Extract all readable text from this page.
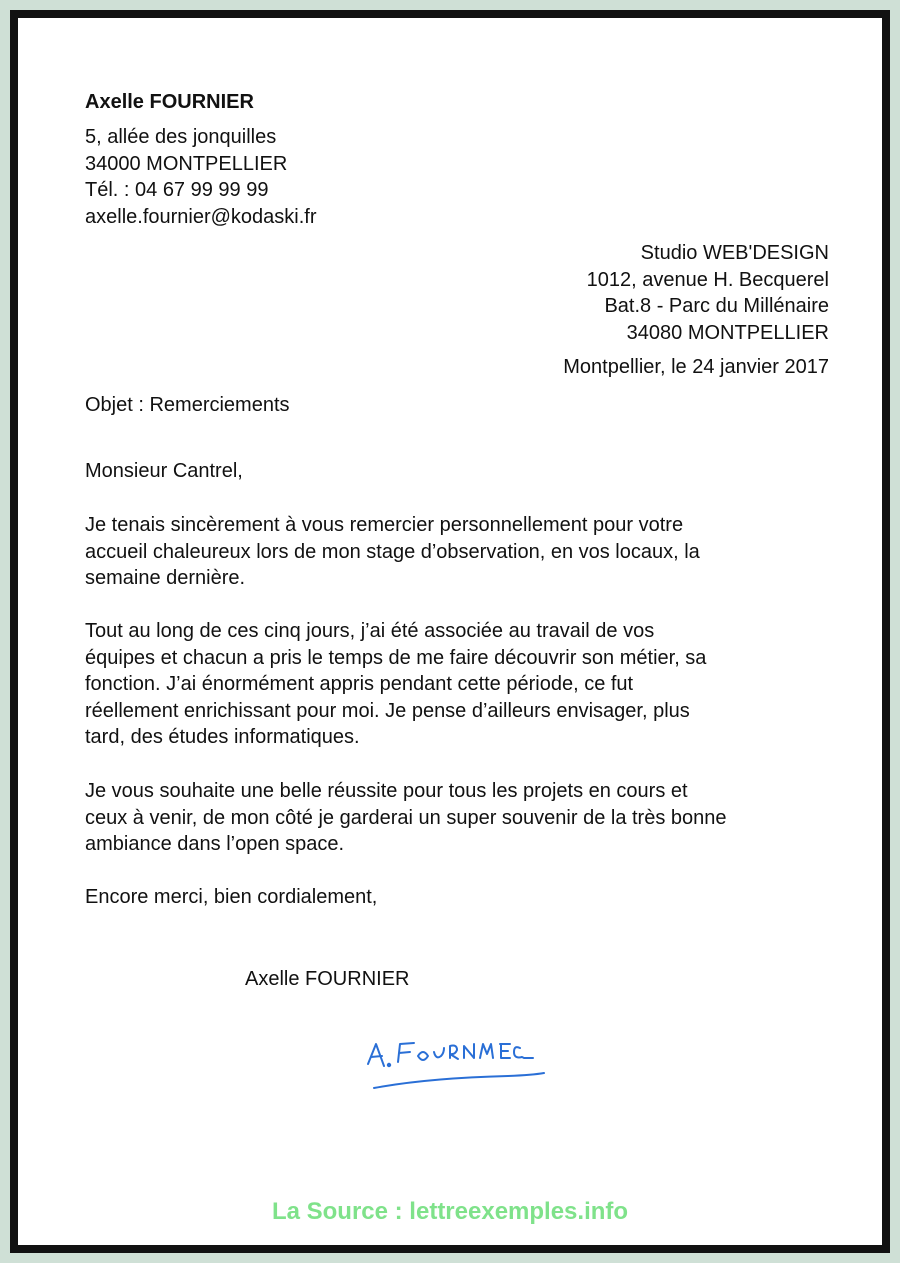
Axelle FOURNIER
5, allée des jonquilles
34000 MONTPELLIER
Tél. : 04 67 99 99 99
axelle.fournier@kodaski.fr
Studio WEB'DESIGN
1012, avenue H. Becquerel
Bat.8 - Parc du Millénaire
34080 MONTPELLIER
Montpellier, le 24 janvier 2017
Objet : Remerciements
Monsieur Cantrel,
Je tenais sincèrement à vous remercier personnellement pour votre
accueil chaleureux lors de mon stage d’observation, en vos locaux, la
semaine dernière.
Tout au long de ces cinq jours, j’ai été associée au travail de vos
équipes et chacun a pris le temps de me faire découvrir son métier, sa
fonction. J’ai énormément appris pendant cette période, ce fut
réellement enrichissant pour moi. Je pense d’ailleurs envisager, plus
tard, des études informatiques.
Je vous souhaite une belle réussite pour tous les projets en cours et
ceux à venir, de mon côté je garderai un super souvenir de la très bonne
ambiance dans l’open space.
Encore merci, bien cordialement,
Axelle FOURNIER
La Source : lettreexemples.info
